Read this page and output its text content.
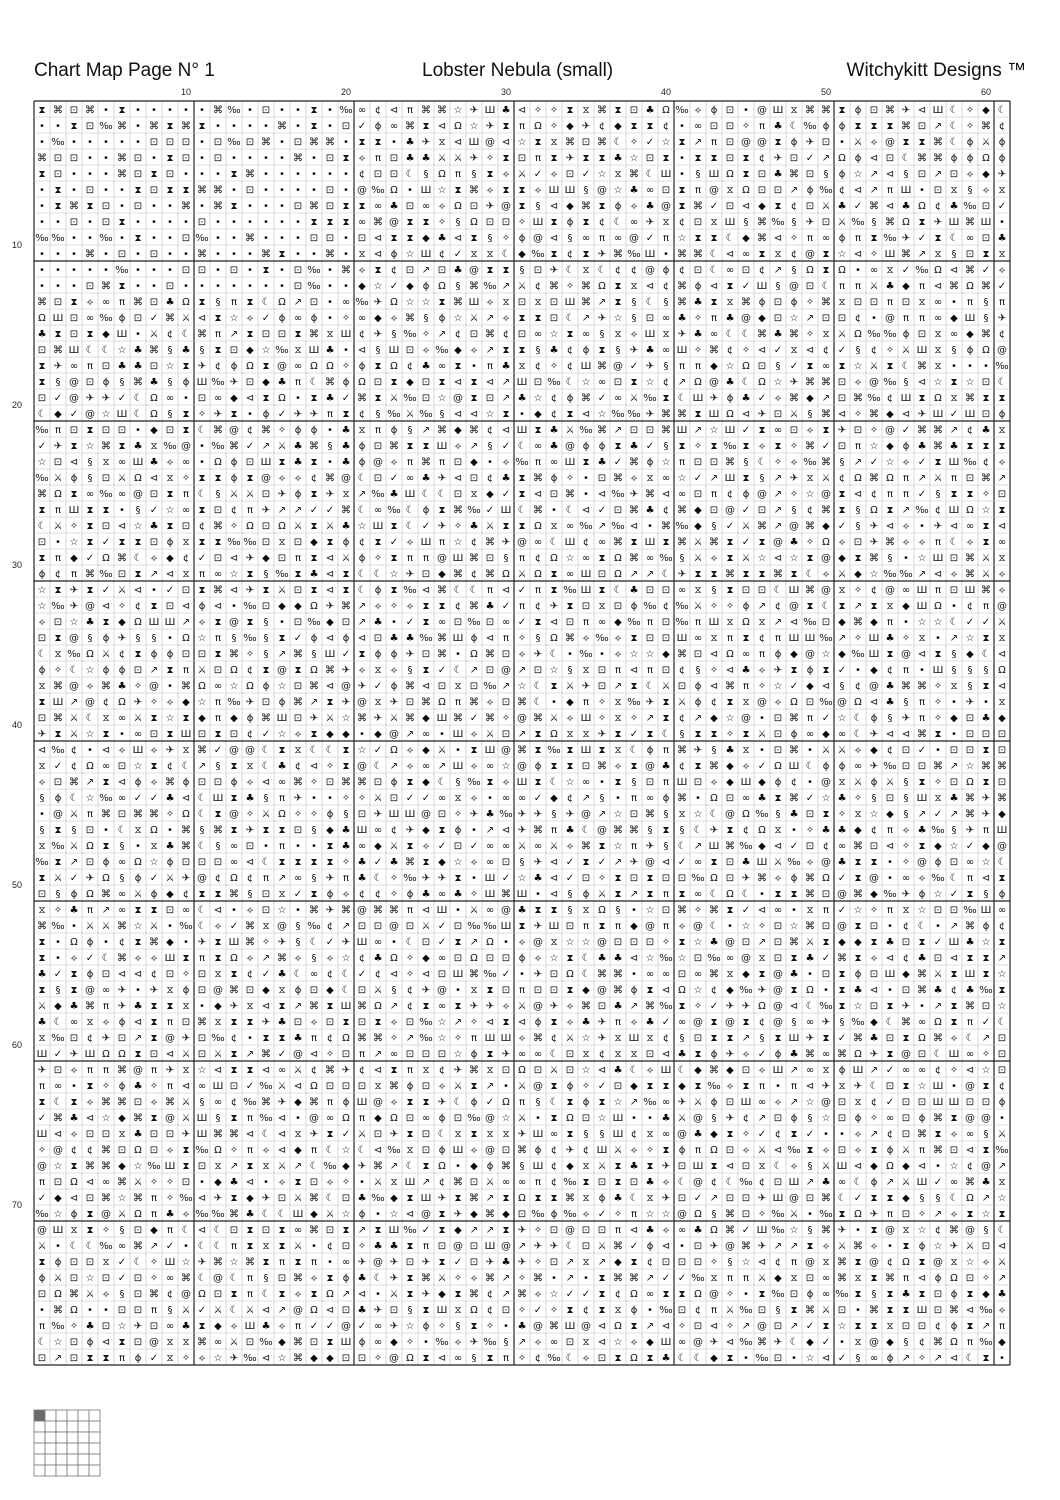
Chart Map Page N° 1	Lobster Nebula (small)	Witchykitt Designs ™
10	20	30	40	50	60
10
20
30
40
50
60
70
⧗ ⌘ ⊡ ⌘ • ⧗ • • • • • ⌘ ‰ • ⊡ • • ⧗ • ‰ ∞ ¢ ⊲ π ⌘ ⌘ ☆ ✈ Ш ♣ ⊲ ✧ ✧ ⧗ ⧖ ⌘ ⧗ ⊡ ♣ Ω ‰ ⟡ ϕ ⊡ • @ Ш ⧖ ⌘ ⌘ ⧗ ϕ ⊡ ⌘ ✈ ⊲ Ш ☾ ✧ ◆ ☾
• • ⧗ ⊡ ‰ ⌘ • ⌘ ⧗ ⌘ ⧗ • • • • ⌘ • ⧗ • ⊡ ✓ ϕ ∞ ⌘ ⧗ ⊲ Ω ☆ ✈ ⧗ π Ω ✧ ◆ ✈ ¢ ◆ ⧗ ⧗ ¢ • ∞ ⊡ ⊡ ✧ π ♣ ☾ ‰ ϕ ϕ ⧗ ⧗ ⧗ ⌘ ⊡ ↗ ☾ ✧ ⌘ ¢
• ‰ • • • • • ⊡ ⊡ ⊡ • ⊡ ‰ ⊡ ⌘ • ⊡ ⌘ ⌘ • ⧗ ⧗ • ♣ ✈ ⧖ ⊲ Ш @ ⊲ ☆ ⧗ ⧖ ⌘ ⊡ ⌘ ☾ ✧ ✓ ☆ ⧗ ↗ π ⊡ @ @ ⧗ ϕ ✈ ⊡ • ⚔ ⟡ @ ⧗ ⧗ ⌘ ☾ ϕ ⚔ ϕ
⌘ ⊡ ⊡ • • ⌘ ⊡ • ⧗ ⊡ • ⊡ • • • • ⌘ • ⊡ ⧗ ⟡ π ⊡ ♣ ♣ ⚔ ⚔ ✈ ✧ ⧗ ⊡ π ⧗ ✈ ⧗ ⧗ ♣ ☆ ⊡ ⧗ • ⧗ ⧗ ⊡ ⧗ ¢ ✈ ⊡ ✓ ↗ Ω ϕ ⊲ ⊡ ☾ ⌘ ⌘ ϕ ϕ Ω ϕ
⧗ ⊡ • • • ⌘ ⊡ ⧗ ⊡ • • • ⧗ ⌘ • • • • • • ¢ ⊡ ⊡ ☾ § Ω π § ⧗ ⟡ ⚔ ✓ ⟡ ⊡ ✓ ☆ ⧖ ⌘ ☾ Ш • § Ш Ω ⧗ ⊡ ♣ ⌘ ⊡ § ϕ ☆ ↗ ⊲ § ⊡ ↗ ⊡ ⟡ ◆ ✈
• ⧗ • ⊡ • • ⧗ ⊡ ⧗ ⧗ ⌘ ⌘ • ⊡ • • • • ⊡ • @ ‰ Ω • Ш ☆ ⧗ ⌘ ⟡ ⧗ ⧗ ⟡ Ш Ш § @ ☆ ♣ ∞ ⊡ ⧗ π @ ⧖ Ω ⊡ ⊡ ↗ ϕ ‰ ¢ ⊲ ↗ π Ш • ⊡ ⧖ § ⟡ ⧖
• ⧗ ⌘ ⧗ ⊡ • ⊡ • • ⌘ • ⌘ ⧗ • • • ⊡ ⌘ ⊡ ⧗ ⧗ ∞ ♣ ⊡ ∞ ⟡ Ω ⊡ ✈ @ ⧗ § ⊲ ◆ ⌘ ⧗ ϕ ⟡ ♣ @ ⧗ ⌘ ✓ ⊡ ⊲ ◆ ⧗ ¢ ⊡ ⚔ ♣ ✓ ⌘ ⊲ ♣ Ω ¢ ♣ ‰ ⊡ ✓
• • ⊡ • ⊡ ⧗ • • • • ⊡ • • • • • • ⧗ ⧗ ⧗ ∞ ⌘ @ ⧗ ⧗ ✧ § Ω ⊡ ⊡ ✧ Ш ⧗ ϕ ⧗ ¢ ☾ ∞ ✈ ⧖ ¢ ⊡ ⧖ Ш § ⌘ ‰ § ✈ ⊡ ⚔ ‰ § ⌘ Ω ⧗ ✈ Ш ⌘ Ш •
‰ ‰ • • ‰ • ⧗ • • ⊡ ‰ • • ⌘ • • • ⊡ ⊡ • ⊡ ⊲ ⧗ ⧗ ◆ ♣ ⊲ ⧗ § ✧ ϕ @ ⊲ § ∞ π ∞ @ ✓ π ☆ ⧗ ⧗ ☾ ◆ ⌘ ⊲ ✧ π ∞ ϕ π ⧗ ‰ ✈ ✓ ⧗ ☾ ∞ ⊡ ♣
• • • ⌘ • ⊡ • ⊡ • • ⌘ • • • ⌘ ⧗ • • ⌘ • ⧖ ⊲ ϕ ☆ Ш ¢ ✓ ⧖ ⧖ ☾ ◆ ‰ ⧗ ¢ ⧗ ✈ ⌘ ‰ Ш • ⌘ ⌘ ☾ ⊲ ∞ ⧗ ⧖ ¢ @ ⧗ ☆ ⊲ ✧ Ш ⌘ ↗ ⧖ § ⊡ ⧗ ⧖
• • • • • ‰ • • • ⊡ ⊡ • ⊡ • ⧗ • ⊡ ‰ • ⌘ ⟡ ⧗ ¢ ⊡ ↗ ⊡ ♣ @ ⧗ ⧗ § ⊡ ✈ ☾ ⧖ ☾ ¢ ¢ @ ϕ ¢ ⊡ ☾ ∞ ⊡ ¢ ↗ § Ω ⧗ Ω • ∞ ⧖ ✓ ‰ Ω ⊲ ⌘ ✓ ⟡
• • • ⊡ ⌘ ⧗ • • ⊡ • • • • • • • ⊡ ‰ • • ◆ ☆ ✓ ◆ ϕ Ω § ⌘ ‰ ↗ ⚔ ¢ ⌘ ✧ ⌘ Ω ⧗ ⧖ ⊲ ¢ ⌘ ϕ ⊲ ⧗ ✓ Ш § @ ⊡ ☾ π π ⚔ ♣ ◆ π ⊲ ⌘ Ω ⌘ ✓
⌘ ⊡ ⧗ ⟡ ∞ π ⌘ ⊡ ♣ Ω ⧗ § π ⧗ ☾ Ω ↗ ⊡ • ∞ ‰ ✈ Ω ☆ ☆ ⧗ ⌘ Ш ⟡ ⧖ ⊡ ⧖ ⊡ Ш ⌘ ↗ ⧗ § ☾ § ⌘ ♣ ⧗ ⧖ ⌘ ϕ ⊡ ϕ ✧ ⌘ ⧖ ⊡ ⊡ π ⊡ ⧖ ∞ • π § π
Ω Ш ⊡ ∞ ‰ ϕ ⊡ ✓ ⌘ ⚔ ⊲ ⧗ ☆ ⟡ ✓ ϕ ∞ ϕ • ✧ ∞ ◆ ⟡ ⌘ § ϕ ☆ ⚔ ↗ ⟡ ⧗ ⧗ ⊡ ☾ ↗ ✈ ☆ § ⊡ ∞ ♣ ✧ π ♣ @ ◆ ⊡ ☆ ↗ ⊡ ⊡ ¢ • @ π π ∞ ◆ Ш § ✈
♣ ⧗ ⊡ ⧗ ◆ Ш • ⚔ ¢ ☾ ⌘ π ↗ ⧗ ⊡ ⊡ ⧗ ⌘ ⧖ Ш ¢ ✈ § ‰ ✧ ↗ ¢ ⊡ ⌘ ¢ ⊡ ∞ ☆ ⧗ ∞ § ⧖ ⟡ Ш ⧖ ✈ ♣ ∞ ☾ ☾ ⌘ ♣ ⌘ ✧ ⧖ ⚔ Ω ‰ ‰ ϕ ⊡ ⧖ ∞ ◆ ⌘ ¢
⊡ ⌘ Ш ☾ ☾ ☆ ♣ ⌘ § ♣ § ⧗ ⊡ ◆ ☆ ‰ ⧖ Ш ♣ • ⊲ § Ш ⊡ ⟡ ‰ ◆ ⟡ ↗ ⧗ ⧗ § ♣ ¢ ϕ ⧗ § ✈ ♣ ∞ Ш ✧ ⌘ ¢ ✧ ⊲ ✓ ⧖ ⊲ ¢ ✓ § ¢ ✧ ⚔ Ш ⧖ § ϕ Ω @
⧗ ✈ ∞ π ⊡ ♣ ♣ ⊡ ☆ ⧗ ✈ ¢ ϕ Ω ⧗ @ ∞ Ω Ω ✧ ϕ ⧗ Ω ¢ ♣ ∞ ⧗ • π ♣ ⧖ ¢ ✧ ¢ Ш ⌘ @ ✓ ✈ § π π ◆ ☆ Ω ⊡ § ✓ ⧗ ∞ ⧗ ☆ ⚔ ⧗ ☾ ⌘ ⧖ • • • ‰
⧗ § @ ⊡ ϕ § ⌘ ♣ § ϕ Ш ‰ ✈ ⊡ ◆ ♣ π ☾ ⌘ ϕ Ω ⊡ ⧗ ◆ ⊡ ⧗ ⊲ ⧗ ⊲ ↗ Ш ⊡ ‰ ☾ ☆ ∞ ⊡ ⧗ ☆ ¢ ↗ Ω @ ♣ ☾ Ω ☆ ✈ ⌘ ⌘ ⊡ ⟡ @ ‰ § ⊲ ☆ ⧗ ☆ ⊡ ☾
⊡ ✓ @ ✈ ✈ ✓ ☾ Ω ∞ • ⊡ ∞ ◆ ⊲ ⧗ Ω • ⧗ ♣ ✓ ⌘ ⧗ ⚔ ‰ ⊡ ☆ @ ⧗ ⊡ ↗ ♣ ☆ ¢ ϕ ⌘ ✓ ∞ ⚔ ‰ ⧗ ☾ Ш ✈ ϕ ♣ ✓ ⟡ ⌘ ◆ ↗ ⊡ ⌘ ‰ ¢ Ш ⧗ Ω ⧖ ⌘ ⧗ ⧗
☾ ◆ ✓ @ ☆ Ш ☾ Ω § ⧗ ✧ ✈ ⧗ • ϕ ✓ ✈ ✈ π ⧗ ¢ § ‰ ⚔ ‰ § ⊲ ⊲ ☆ ⧗ • ◆ ¢ ⧗ ⊲ ☆ ‰ ‰ ✈ ⌘ ⌘ ⧗ Ш Ω ⊲ ✈ ⊡ ⚔ § ⌘ ⊲ ✧ ⌘ ◆ ⊲ ✈ Ш ✓ Ш ⊡ ϕ
‰ π ⊡ ⧗ ⊡ ⊡ • ◆ ⊡ ⧗ ☾ ⌘ @ ¢ ⌘ ✧ ϕ ϕ • ♣ ⧖ π ϕ § ↗ ⌘ ◆ ⌘ ¢ ⊲ Ш ⧗ ♣ ⚔ ‰ ⌘ ↗ ⊡ ⊡ ⌘ Ш ↗ ☆ Ш ✓ ⧗ ∞ ⊡ ⟡ ⧗ ✈ ⊡ ✧ @ ✓ ⌘ ⌘ ↗ ¢ ♣ ⧖
✓ ✈ ⧗ ☆ ⌘ ⧗ ♣ ⧖ ‰ @ • ‰ ⌘ ✓ ↗ ⚔ ♣ ⌘ § ♣ ϕ ⊡ ⌘ ⧗ ⧗ Ш ⟡ ↗ § ✓ ☾ ∞ ♣ @ ϕ ϕ ⧗ ♣ ✓ § ⧗ ✧ ⧗ ‰ ⧗ ⟡ ⧗ ✧ ⌘ ✓ ⊡ π ☆ ◆ ϕ ♣ ⌘ ♣ ⧗ ⧗ ⧗
☆ ⊡ ⊲ § ⧖ ∞ Ш ♣ ⟡ ∞ • Ω ϕ ⊡ Ш ⧗ ♣ ⧗ • ♣ ϕ @ ⟡ π ⌘ π ⊡ ◆ • ⟡ ‰ π ∞ Ш ⧗ ♣ ✓ ⌘ ϕ ☆ π ⊡ ⊡ ⌘ § ☾ ✧ ⟡ ‰ ⌘ § ↗ ✓ ☆ ⟡ ✓ ⧗ Ш ‰ ¢ ⟡
‰ ⚔ ϕ § ⊡ ⚔ Ω ⊲ ⧖ ✧ ⧗ ⧗ ϕ ⧗ @ ⟡ ⟡ ¢ ⌘ @ ☾ ⊡ ✓ ∞ ♣ ✈ ⊲ ⊡ ¢ ♣ ⧗ ⌘ ϕ ✧ • ⊡ ⌘ ⟡ ⧖ ∞ ☆ ✓ ↗ Ш ⧗ § ↗ ✈ ⧖ ⚔ ¢ Ω ⌘ Ω π ↗ ⚔ π ⊡ ⌘ ↗
⌘ Ω ⧗ ∞ ‰ ∞ @ ⊡ ⧗ π ☾ § ⚔ ⚔ ⊡ ✈ ϕ ⧗ ✈ ⧖ ↗ ‰ ♣ Ш ☾ ☾ ⊡ ⧖ ◆ ✓ ⧗ ⊲ ⊡ ⌘ • ⊲ ‰ ✈ ⌘ ⊲ ∞ ⊡ π ¢ ϕ @ ↗ ✧ ☆ @ ⧗ ⊲ ¢ π π ✓ § ⧗ ⧗ ✧ ⊡
⧗ π Ш ⧗ ⧗ • § ✓ ☆ ∞ ⧗ ⊡ ¢ π ✈ ↗ ↗ ✓ ✓ ⌘ ☾ ∞ ‰ ☾ ϕ ⧗ ⌘ ‰ ✓ Ш ☾ ⌘ • ☾ ⊲ ✓ ⊡ ⌘ ♣ ¢ ⌘ ◆ ⊡ @ ✓ ⊡ ↗ § ¢ ⌘ ⧗ § Ω ⧗ ↗ ‰ ¢ Ш Ω ☆ ⧗
☾ ⚔ ✧ ⧗ ⊡ ⊲ ☆ ♣ ⧗ ⊡ ¢ ⌘ ✧ Ω ⊡ Ω ⚔ ⧗ ⚔ ♣ ☆ Ш ⧗ ☾ ✓ ✈ ✧ ♣ ⚔ ⧗ ⧗ Ω ⧖ ∞ ‰ ↗ ‰ ⊲ • ⌘ ‰ ◆ § ✓ ⚔ ⌘ ↗ @ ⌘ ◆ ✓ § ✈ ⊲ ⟡ • ✈ ⊲ ∞ ⧗ ⊲
⊡ • ☆ ⧗ ✓ ⧗ ⧗ ⊡ ϕ ⧖ ⧗ ⧗ ‰ ‰ ⊡ ⧖ ⊡ ◆ ⧗ ϕ ¢ ⧗ ✓ ⟡ Ш π ☆ ¢ ⌘ ✈ @ ∞ ☾ Ш ¢ ∞ ⌘ ⧗ Ш ⧗ ⌘ ⚔ ⌘ ⧗ ✓ ⧗ @ ♣ ✧ Ω ⟡ ⊡ ✈ ⌘ ⟡ ⟡ π ☾ ⟡ ⧗ ∞
⧗ π ◆ ✓ Ω ⌘ ☾ ⟡ ◆ ¢ ✓ ⊡ ⊲ ✈ ◆ ⊡ π ⧗ ⊲ ⚔ ϕ ✧ ⧗ π π @ Ш ⌘ ⊡ § π ¢ Ω ☆ ∞ ⧗ Ω ⌘ ∞ ‰ § ⚔ ⟡ ⧗ ⚔ ☆ ⊲ ☆ ⧗ @ ◆ ⧗ ⌘ § • ☆ Ш ⊡ ⌘ ⚔ ⧖
ϕ ¢ π ⌘ ‰ ⊡ ⧗ ↗ ⊲ ⧖ π ∞ ☆ ⧗ § ‰ ⧗ ♣ ⊲ ⧗ ☾ ☾ ☆ ✈ ⊡ ◆ ⌘ ¢ ⌘ Ω ⚔ Ω ⧗ ∞ Ш ⊡ Ω ↗ ↗ ☾ ✈ ⧗ ⧗ ⌘ ⧗ ⧗ ⌘ ⧗ ☾ ⟡ ⚔ ◆ ☆ ‰ ‰ ↗ ⊲ ⟡ ⌘ ⚔ ⟡
☆ ⧗ ✈ ⧗ ✓ ⚔ ⊲ • ✓ ⊡ ⧗ ⌘ ⊲ ✈ ⧗ ⚔ ⊡ ⧗ ⊲ ⧗ ☾ ϕ ⧗ ‰ ⊲ ⌘ ☾ ☾ π ⊲ ✓ π ⧗ ‰ Ш ⧗ ☾ ♣ ⊡ ⊡ ∞ ⧖ § ⧗ ⊡ ⊡ ☾ Ш ⌘ @ ⧖ ✧ ¢ @ ∞ Ш π ⊡ Ш ⌘ ⟡
☆ ‰ ✈ @ ⊲ ✧ ¢ ⧗ ⊡ ⊲ ϕ ⊲ • ‰ ⊡ ◆ ◆ Ω ✈ ⌘ ↗ ⟡ ✧ ⟡ ⧗ ⧗ ¢ ⌘ ♣ ✓ π ¢ ✈ ⧗ ⊡ ⧖ ⊡ ϕ ‰ ¢ ‰ ⚔ ✧ ✧ ϕ ↗ ¢ @ ⧗ ☾ ⧗ ↗ ⧗ ⧖ ◆ Ш Ω • ¢ π @
⟡ ⊡ ☆ ♣ ⧗ ◆ Ω Ш Ш ↗ ⟡ ⧗ @ ⧗ § • ⊡ ‰ ◆ ⊡ ↗ ♣ • ✓ ⧗ ∞ ⊡ ‰ ⊡ ∞ ✓ ⧗ ⊲ ⊡ π ∞ ◆ ‰ π ⊡ ‰ π Ш ⧖ Ω ⧖ ↗ ⊲ ‰ ⊡ ◆ ⌘ ◆ π • ☆ ☆ ☾ ✓ ✓ ⚔
⊡ ⧗ @ § ϕ ✈ § § • Ω ☆ π § ‰ § ⧗ ✓ ϕ ⊲ ϕ ⊲ ⊡ ♣ ♣ ‰ ⌘ Ш ϕ ⊲ π ✧ § Ω ⌘ ⟡ ‰ ⟡ ⧗ ⊡ ⊡ Ш ∞ ⧖ π ⧗ ¢ π Ш Ш ‰ ↗ ✧ Ш ♣ ✧ ⧖ • ↗ ☆ ⧗ ⧖
☾ ⧖ ‰ Ω ⚔ ¢ ⧗ ϕ ϕ ⊡ ⊡ ⧗ ⌘ ✧ § ↗ ⌘ § Ш ✓ ⧗ ϕ ϕ ✈ ⊡ ⌘ • Ω ⌘ ⊡ ⟡ ✈ ☾ • ‰ • ⟡ ☆ ☆ ◆ ⌘ ⊡ ⊲ Ω ∞ π ϕ ◆ @ ☆ ◆ ‰ Ш ⧗ @ ⊲ ⧗ § ◆ ☾ ⊲
ϕ ✧ ☾ ☆ ϕ ϕ ⊡ ↗ ⧗ π ⚔ ⊡ Ω ¢ ⧗ @ ⧗ Ω ⌘ ✈ ⟡ ⧖ ⟡ § ⧗ ✓ ☾ ↗ ⊡ @ ↗ ⊡ ☆ § ⧖ ⊡ π ⊲ π ⊡ ¢ § ✧ ⊲ ♣ ⟡ ✈ ⧗ ϕ ⧗ ✓ • ◆ ¢ π • Ш § § § Ω
⧖ ⌘ @ ⟡ ⌘ ♣ ✧ @ • ⌘ Ω ∞ ☆ Ω ϕ ☆ ⊡ ⌘ ⊲ @ ✈ ✓ ϕ ⌘ ⊲ ⊡ ⧖ ⊡ ‰ ↗ ☆ ☾ ⧗ ⚔ ✈ ⊡ ↗ ⧗ ☾ ⚔ ⊡ ϕ ⊲ ⌘ π ✧ ☆ ✓ ◆ ⊲ § ¢ @ ♣ ⌘ ⌘ ✧ ⧖ § ⧗ ⊲
⧗ Ш ↗ @ ¢ Ω ✈ ✧ ⟡ ◆ ☆ π ‰ ✈ ⊡ ϕ ⌘ ↗ ⧗ ✈ @ ⧖ ✈ ⊡ ⌘ Ω π ⌘ ⟡ ⊡ ⌘ ☾ • ◆ π ✧ ⧖ ‰ ✈ ⧗ ⚔ ϕ ¢ ⧗ ⧖ @ ⟡ Ω ⊡ ‰ @ Ω ⊲ ♣ § π ✧ • ✈ • ⧖
⊡ ⌘ ⚔ ☾ ⧖ ∞ ⚔ ⧗ ☆ ⧗ ◆ π ◆ ϕ ⌘ Ш ⊡ ✈ ⚔ ☆ ⌘ ✈ ⚔ ⌘ ◆ Ш ⌘ ✓ ⌘ ✧ @ ⌘ ⚔ ⟡ Ш ✧ ⧖ ✧ ↗ ⧗ ¢ ↗ ◆ ☆ @ • ⊡ ⌘ π ✓ ☆ ☾ ϕ § ✈ π ✧ ◆ ⊡ ♣ ◆
✈ ⧗ ⚔ ☆ ⧗ • ∞ ⊡ ⧗ Ш ⊡ ⧗ ⊡ ¢ ✓ ☆ ⟡ ⧗ ◆ ◆ • ◆ @ ↗ ∞ • Ш ⟡ ⚔ ⊡ ↗ ⧗ Ω ⧖ ⧖ ✈ ⧗ ✓ ⧗ ☾ § ⧗ ⧗ ✧ ⧗ ⚔ ⊡ ϕ ∞ ◆ ∞ ☾ ✈ ⊲ ⊲ ⌘ ⧗ • ⊡ ⊡ ⊡
⊲ ‰ ¢ • ⊲ ⟡ Ш ⟡ ✈ ⧖ ⌘ ✓ @ @ ☾ ⧗ ⧖ ☾ ☾ ⧗ ☆ ✓ Ω ⟡ ◆ ⚔ • ⧗ Ш @ ⌘ ⧗ ‰ ⧗ Ш ⧗ ⧖ ☾ ϕ π ⌘ ✈ § ♣ ⧖ • ⊡ ⌘ • ⚔ ⚔ ⟡ ◆ ¢ ⊡ ✓ • ⊡ ⊡ ⧗ ⊡
⧖ ✓ ¢ Ω ∞ ⊡ ☆ ⧗ ¢ ☾ ↗ § ⧗ ⧖ ☾ ♣ ¢ ⊲ ✧ ⧗ @ ☾ ↗ ⟡ ∞ ↗ Ш ⟡ ∞ ☆ @ ϕ ⧗ ⧗ ⊡ ⌘ ⟡ ⧗ @ ♣ ¢ ⧗ ⌘ ◆ ⟡ ✓ Ω Ш ☾ ϕ ϕ ∞ ✈ ‰ ⊡ ⊡ ⌘ ↗ ☆ ⌘ ⌘
⟡ ⊡ ⌘ ↗ ⧗ ⊲ ϕ ⟡ ⌘ ϕ ⊡ ⊡ ϕ ⟡ ⊲ ∞ ⌘ ✧ ⊡ ⌘ ⌘ ⊡ ϕ ⧗ ◆ ☾ § ‰ ⧗ ⟡ Ш ⧗ ☾ ☆ ∞ • ⧗ § ⊡ π Ш ⊡ ⟡ ◆ Ш ◆ ϕ ¢ • @ ⧖ ⚔ ϕ ⚔ § ⧗ ✧ ⊡ Ω ⧗ ⊡
§ ϕ ☾ ☆ ‰ ∞ ✓ ✓ ♣ ⊲ ☾ Ш ⧗ ♣ § π ✈ • • ✧ ✧ ⚔ ⊡ ✓ ✓ ∞ ⧖ ⟡ • ∞ ∞ ✓ ◆ ¢ ↗ § • π ∞ ϕ ⌘ • Ω ⊡ ∞ ♣ ⧗ ⌘ ✓ ☆ ♣ ✧ § ⊡ § Ш ⧖ ♣ ⌘ ✈ ⌘
• @ ⚔ π ⌘ ⊡ ⌘ ⌘ ✧ Ω ☾ ⧗ @ ✧ ⚔ Ω ✧ ✧ ϕ § ⊡ ✈ Ш Ш @ ⊡ ✧ ✈ ♣ ‰ ✈ ✈ § ✈ @ ↗ ☆ ⊡ ⌘ § ⧖ ☆ ☾ @ Ω ‰ § ♣ ⊡ ⧗ ✧ ⧖ ☆ ◆ § ↗ ✓ ↗ ⌘ ✈ ◆
§ ⧗ § ⊡ • ☾ ⧖ Ω • ⌘ § ⌘ ⧗ ✈ ⧗ ⧗ ⊡ § ◆ ♣ Ш ∞ ¢ ✈ ◆ ⧗ ϕ • ↗ ⊲ ✈ ⌘ π ♣ ☾ @ ⌘ ⌘ § ⧗ § ☾ ✈ ⧗ ¢ Ω ⧖ • ✧ ♣ ♣ ◆ ¢ π ⟡ ♣ ‰ § ✈ π Ш
⧖ ‰ ⚔ Ω ⧗ § • ⧖ ♣ ⌘ ☾ § ∞ ⊡ • π • • ⧗ ♣ ∞ ◆ ⚔ ⧗ ⟡ ✓ ⊡ ✓ ∞ ∞ ⚔ ∞ ⚔ ⟡ ⌘ ⧗ ☆ π ✈ § ☾ ↗ Ш ⌘ ‰ ◆ ⊲ ✓ ⊡ ¢ ∞ ⌘ ⊡ ⊲ ✧ ⧗ ◆ ☆ ✓ ◆ @
‰ ⧗ ↗ ⊡ ϕ ∞ Ω ☆ ϕ ⊡ ⊡ ⊡ ∞ ⊲ ☾ ⧗ ⧗ ⧗ ⧗ ✧ ♣ ✓ ♣ ⌘ ⧗ ◆ ☆ ⟡ ∞ ⊡ § ✈ ⊲ ✓ ⧗ ✓ ↗ ✈ @ ⊲ ✓ ∞ ⧗ ⊡ ♣ Ш ⚔ ‰ ⟡ @ ♣ ⧗ ⧗ • ✧ @ ϕ ⊡ ∞ ☆ ☾
⧗ ⚔ ✓ ✈ Ω § ϕ ✓ ⚔ ✈ @ ¢ Ω ¢ π ↗ ∞ § ✈ π ♣ ☾ ✧ ‰ ✈ ✈ ⧗ • Ш ✓ ☆ ♣ ⊲ ✓ ⊡ ✧ ⧗ ⊡ ⧗ ⊡ ⊡ ‰ Ω ⊡ ✈ ⌘ ⟡ ϕ ⌘ Ω ✓ ⧗ @ • ∞ ⟡ ‰ ☾ π ⊲ ⧗
⊡ § ϕ Ω ⌘ ∞ ⚔ ϕ ◆ ¢ ⧗ ⧗ ⌘ § ⊡ ⧖ ✓ ⧗ ϕ ⟡ ¢ ¢ ✧ ϕ ♣ ∞ ♣ ✧ Ш ⌘ Ш • ⊲ § ϕ ⚔ ⧗ ↗ ⧗ π ⧗ ∞ ☾ Ω ☾ • ⧗ ⧗ ⌘ ⊡ @ ⌘ ◆ ‰ ✈ ϕ ☆ ✓ ⧗ § ϕ
⧖ ✧ ♣ π ↗ ∞ ⧗ ⧗ ⊡ ∞ ☾ ⊲ • ⟡ ⊡ ☆ • ⌘ ✈ ⌘ @ ⌘ ⌘ π ⊲ Ш • ⚔ ∞ @ ♣ ⧗ ⧗ § ⧖ Ω § • ☆ ⊡ ⌘ ✧ ⌘ ⧗ ✓ ⊲ ∞ • ⧖ π ✓ ☆ ✧ π ⧖ ☆ ⊡ ⊡ ‰ Ш ∞
⌘ ‰ • ⚔ ⚔ ⌘ ☆ ⚔ • ‰ ☾ ⟡ ✓ ⌘ ⧖ @ § ‰ ¢ ↗ ⊡ ⊡ @ ⊡ ⚔ ✓ ⊡ ‰ ‰ Ш ⧗ ✈ Ш ⊡ π ⧗ π ◆ @ π ⟡ @ ☾ • ☆ ✧ ⊡ ☆ ⌘ ⊡ @ ⧗ ⊡ • ¢ ☾ • ↗ ⌘ ϕ ¢
⧗ • Ω ϕ • ¢ ⧗ ⌘ ◆ • ✈ ⧗ Ш ⌘ ✧ ✈ § ☾ ✓ ✈ Ш ∞ • ☾ ⊡ ✓ ⧗ ↗ Ω • ⟡ @ ⧖ ☆ ☆ @ ⊡ ⊡ ⊡ ✧ ⧗ ☆ ♣ @ ⊡ ↗ ⊡ ⌘ ⚔ ⧗ ◆ ◆ ⧗ ♣ ⊡ ⧗ ✓ Ш ♣ ☆ ⧗
⧗ • ⟡ ✓ ☾ ⌘ ⟡ ⟡ Ш ⧗ π ⧗ Ω ⟡ ↗ ⌘ ⟡ § ⟡ ☆ ¢ ♣ Ω ✧ ◆ ∞ ⊡ Ω ⊡ ⊡ ϕ ⟡ ☆ ⧗ ☾ ♣ ♣ ⊲ ☆ ‰ ☆ ⊡ ‰ ∞ @ ⧖ ⊡ ⧗ ♣ ✓ ⌘ ⧗ ⟡ ⊲ ¢ ♣ ⊡ ⊲ ⧗ ⧗ ↗
♣ ✓ ⧗ ϕ ⊡ ⊲ ⊲ ¢ ⊡ ✧ ⊡ ⧖ ⧗ ¢ ✓ ♣ ☾ ∞ ¢ ☾ ✓ ¢ ⊲ ✧ ⊲ ⊡ Ш ⌘ ‰ ✓ • ✈ ⊡ Ω ☾ ⌘ ⌘ • ∞ ∞ ⊡ ∞ ⌘ ⧖ ◆ ⧗ @ ♣ • ⊡ ⧗ ϕ ⊡ Ш ◆ ⌘ ⚔ ⧗ Ш ⧗ ☆
⧗ § ⧗ @ ∞ ✈ • ✈ ⧖ ϕ ⊡ @ ⌘ ⊡ ◆ ⧖ ϕ ⊡ ◆ ☾ ⊡ ⚔ § ¢ ✈ @ • ⧖ ⧗ ⊡ π ⊡ ⊡ ⧗ ◆ @ ⌘ ϕ ⧗ ⊲ Ω ☆ ¢ ◆ ‰ ✈ @ ⧗ Ω • ⧗ ♣ ⊲ • ⊡ ⌘ ♣ ¢ ♣ ‰ ⧗
⚔ ◆ ♣ ⌘ π ✈ ♣ ⧗ ⧗ ⧖ • ◆ ✈ ⧖ ⊲ ⧗ ↗ ⌘ ⧗ Ш ⌘ Ω ↗ ¢ ⧗ ∞ ⧗ ✈ ✈ ⟡ ⚔ @ ✈ ⟡ ⌘ ⊡ ♣ ↗ ⌘ ‰ ⧗ ✧ ✓ ✈ ✈ Ω @ ⊲ ☾ ‰ ⧗ ☆ ⊡ ⧗ ✈ • ↗ ⧗ ⌘ ⊡ ☆
♣ ☾ ∞ ⧖ ⟡ ϕ ⊲ ⧗ π ⊡ ⌘ ⧖ ⧗ ⧗ ✈ ♣ ⊡ ⟡ ⊡ ⧗ ⊡ ⧗ ⟡ ⊡ ‰ ☆ ↗ ✧ ⊲ ⧗ ⊲ ϕ ⧗ ⟡ ♣ ✈ π ⟡ ♣ ✓ ∞ @ ⧗ @ ⧗ ¢ @ § ∞ ✈ § ‰ ◆ ☾ ⌘ ∞ Ω ⧗ π ✓ ☾
⧖ ‰ ⊡ ¢ ✈ ⊡ ↗ ⧗ @ ✈ ⊡ ‰ ¢ • ⧗ ⧗ ♣ π ¢ Ω ⌘ ⌘ ✧ ↗ ‰ ☆ ✧ π Ш Ш ⟡ ⌘ ¢ ⚔ ☆ ✈ ⧖ Ш ⧖ ¢ § ⊡ ⧗ ⧗ ↗ § ⧗ Ш ✈ ⧗ ✓ ⌘ ♣ ⊡ ⧗ Ω ⌘ ⟡ ☾ ↗ ⊡
Ш ✓ ✈ Ш Ω Ω ⧗ ⊡ ⊲ ⚔ ⊡ ⚔ ⧗ ↗ ⌘ ✓ @ ⊲ ✧ ⊡ π ↗ ∞ ⊡ ⊡ ⊡ ☆ ϕ ⧗ ✈ ∞ ∞ ☾ ⊡ ⧖ ¢ ⧖ ⧖ ⊡ ⊲ ♣ ⧗ ϕ ✈ ⟡ ✓ ϕ ♣ ⌘ ∞ ⌘ Ω ✈ ⧗ @ ⊡ ☾ Ш ∞ ✧ ⊡
✈ ⊡ ⟡ π π ⌘ @ π ✈ ⧖ ☆ ⊲ ⧗ ⧗ ⊲ ∞ ⚔ ¢ ⌘ ✈ ¢ ⊲ ⧗ π ⧖ ¢ ✈ ⌘ ⧖ ⊡ Ω ⊡ ⚔ ⊡ ☆ ⊲ ♣ ☾ ⟡ Ш ☾ ◆ ⌘ ◆ ⊡ ⟡ Ш ↗ ∞ ⧖ ϕ Ш ↗ ✓ ∞ ∞ ¢ ✧ ⊲ ☆ ⊡
π ∞ • ⧗ ✧ ϕ ♣ ✧ π ⊲ ∞ Ш ⊡ ✓ ‰ ⚔ ⊲ Ω ⊡ ⊡ ⊡ ⧖ ⌘ ϕ ⊡ ⟡ ⚔ ⧗ ↗ • ⚔ @ ⧗ ϕ ✧ ✓ ⊡ ◆ ⧗ ⧗ ◆ ⧗ ‰ ⟡ ⧗ π • π ⊲ ✈ ⧖ ✈ ☾ ⊡ ⧗ ☆ Ш • @ ⧗ ¢
⧗ ☾ ⧗ ⟡ ⌘ ⌘ ⊡ ⟡ ⌘ ⚔ § ∞ ¢ ‰ ⌘ ✈ ◆ ⌘ π ϕ Ш @ ⟡ ⧗ ⧗ ✈ ☾ ϕ ✓ Ω π § ☾ ⧗ ϕ ⧗ ☆ ↗ ‰ ∞ ✈ ⚔ ϕ ⊡ Ш ∞ ⟡ ↗ ☆ @ ⊡ ⧖ ¢ ✓ ⊡ ⊡ Ш Ш ⊡ ⊡ ϕ
✓ ⌘ ♣ ⊲ ☆ ◆ ⌘ ⧗ @ ⚔ Ш § ⧗ π ‰ ⊲ • @ ∞ Ω π ◆ Ω ⊡ ∞ ϕ ⊡ ‰ @ ☆ ⚔ • ⧗ Ω ⊡ ☆ Ш • • ♣ ⚔ @ § ✈ ¢ ↗ ⊡ ϕ § ☆ ⊡ ϕ ✧ ∞ ⊡ ϕ ⌘ ⧗ @ @ •
Ш ⊲ ⟡ ⊡ ⊡ ⧖ ♣ ⊡ ⊡ ✈ Ш ⌘ ⌘ ⊲ ☾ ⊲ ⧖ ✈ ⧗ ✓ ⚔ ⊡ ✈ ⧗ ⊡ ☾ ⧖ ⧗ ⧖ ⧖ ✈ Ш ∞ ⧗ § § Ш ¢ ⧖ ∞ @ ♣ ◆ ⧗ ✧ ✓ ¢ ⧗ ✓ • • ⟡ ↗ ¢ ⊡ ⌘ ⧗ ⟡ ∞ § ⚔
✧ @ ¢ ¢ ⌘ ⊡ Ω ⊡ ⟡ ⧗ ‰ Ω ✧ π ⟡ ⊲ ◆ π ☾ ☆ ☾ ⊲ ‰ ⧖ ⊡ ϕ Ш ⟡ @ ⊡ ⌘ ϕ ¢ ✈ ¢ Ш ⚔ ⟡ ✧ ⧗ ϕ π Ω ⊡ ⟡ ⚔ ⊲ ‰ ⧗ ⟡ ⊡ ⟡ ⧗ ϕ ⚔ π ⌘ ⊡ ⊲ ⧗ ‰
@ ☆ ⧗ ⌘ ⌘ ◆ ☆ ‰ Ш ⧗ ⊡ ⧖ ↗ ⧗ ⧖ ⚔ ↗ ☾ ‰ ◆ ✈ ⌘ ↗ ☾ ⧗ Ω • ◆ ϕ ⌘ § Ш ¢ ◆ ⧖ ⚔ ⧗ ♣ ⧗ ✈ ⊡ Ш ⧗ ⊲ ⊡ ⧖ ☾ ⟡ § ⚔ Ш ⊲ ◆ Ω ◆ ⊲ • ☆ ¢ @ ↗
π ⊡ Ω ⊲ ∞ ⌘ ⚔ ✧ ✧ ⊡ • ◆ ♣ ⊲ • ⟡ ⧗ ⊡ ⟡ ✧ • ⚔ ⧖ Ш ↗ ¢ ⌘ ⊡ ⚔ ∞ ∞ π ¢ ‰ ⧗ ⊡ ⧗ ⊡ ♣ ⟡ ☾ @ ¢ ☾ ‰ ¢ ⊡ Ш ↗ ♣ ∞ ☾ ϕ ↗ ⚔ Ш ✓ ∞ ⌘ ♣ ⧖
✓ ◆ ⊲ ⊡ ⌘ ☆ ⌘ π ✧ ‰ ⊲ ✈ ⧗ ◆ ✈ ⊡ ⚔ ⌘ ☾ ⊡ ♣ ‰ ◆ ⧗ Ш ✈ ⧗ ⌘ ↗ ⧗ Ω ⧗ ⧗ ⌘ ⧖ ϕ ♣ ☾ ⧖ ✈ ⊡ ✓ ↗ ⊡ ⊡ ✈ Ш @ ⊡ ⌘ ☾ ✓ ⧗ ⧗ ◆ § § ☾ Ω ↗ ☆
‰ ☆ ϕ ⧗ @ ⚔ Ω π ♣ ⟡ ‰ ‰ ⌘ ♣ ☾ ☾ Ш ◆ ⚔ ☆ ϕ • ☆ ⊲ @ ⧗ ✈ ◆ ⌘ ◆ ⊡ ‰ ϕ ‰ ⟡ ✓ ✧ π ☆ ☆ @ Ω § ⌘ ⊡ ✧ ‰ ⚔ • ‰ ⧗ Ω ✈ π ⊡ ✧ ↗ ⟡ ⧗ ☆ ⧗
@ Ш ⧖ ⧗ ✧ § ⊡ ◆ π ☾ ⊲ ☾ ⊡ ⧗ ⊡ ⧗ ∞ ⌘ ⊡ ⧗ ↗ ⧗ Ш ‰ ✓ ⧗ ◆ ↗ ↗ ⧗ ✈ ✧ ⊡ @ ⊡ ⊡ π ⊲ ♣ ⟡ ∞ ♣ Ω ⌘ ✓ Ш ‰ ☆ § ⌘ ✈ • ⧗ @ ⧖ ☆ ¢ ⌘ @ § ☾
⚔ • ☾ ☾ ‰ ∞ ⌘ ↗ ✓ • ☾ ☾ π ⧗ ⧖ ⧗ ⚔ • ¢ ⊡ ✧ ♣ ♣ ⧗ π ⊡ @ ⊡ Ш @ ↗ ✈ ✈ ☾ ⊡ ⚔ ⌘ ✓ ϕ ⊲ • ⊡ ✈ @ ⌘ ✈ ↗ ↗ ⧗ ⟡ ⚔ ⌘ ⟡ • ⧗ ϕ ☆ ✈ ⚔ ⊡ ⊲
⧗ ϕ ⊡ ⊡ ⧖ ✓ ☾ ✧ Ш ☆ ✈ ⌘ ☆ ⌘ ⧗ π ⧗ π • ∞ ✈ @ ✈ ⊡ ✈ ⧗ ✓ ⊡ ✈ ♣ ✈ ✧ ⊡ ↗ ⧖ ↗ ◆ ⧗ ¢ ⊡ ⊡ ⊡ ✧ § ☆ ⊲ ¢ π @ ⧖ ⌘ ⧗ @ ¢ Ω ⧗ @ ⧖ ☆ ⟡ ⚔
ϕ ⚔ ⊡ ☆ ⊡ ✓ ⊡ ✧ ∞ ⌘ ☾ @ ☾ π § ⊡ ⌘ ⟡ ⧗ ϕ ♣ ☾ ✈ ⧗ ⌘ ⚔ ✧ ⟡ ⌘ ↗ ✧ ⌘ • ↗ • ⧗ ⌘ ⌘ ↗ ✓ ✓ ‰ ⧖ π π ⚔ ◆ ⧖ ⊡ ∞ ⌘ ⧖ ⧗ ⌘ π ⊲ ϕ Ω ⊡ ✧ ↗
⊡ Ω ⌘ ⚔ ⟡ § ⊡ ⌘ ¢ @ Ω ⊡ ⧗ π ☾ ⧗ ⟡ ⧗ Ω ↗ ⊲ • ⚔ ⧗ ✈ ◆ ⧗ ⌘ ¢ ↗ ⌘ ⟡ ☆ ✓ ✓ ⧗ ¢ Ω ∞ ⧗ ⧗ Ω @ ✧ • ⧗ ‰ ⊡ ϕ ∞ ‰ ⧗ § ⧗ ♣ ⧗ ⊡ ϕ ⧗ ◆ ♣
• ⌘ Ω • • ⊡ ⊡ π § ⚔ ✓ ⚔ ☾ ⚔ ⊲ ↗ @ Ω ⊲ ⊡ ♣ ✈ ⊡ § ⧗ Ш ⧖ Ω ¢ ⊡ ✧ ✓ ✧ ⧗ ¢ ⧗ ⧖ ϕ • ‰ ⊡ ¢ π ⚔ ‰ ⊡ § ⧗ ⌘ ⚔ ⊡ • ⌘ ⧗ ⧗ Ш ⊡ ⌘ ⊲ ‰ ⟡
π ‰ ✧ ♣ ⊡ ☆ ✈ ⊡ ∞ ♣ ⧗ ◆ ⟡ Ш ♣ ⟡ π ✓ ✓ @ ✓ ∞ ✈ ☆ ϕ ✧ § ⧗ ✧ • ♣ @ ⌘ Ш @ ⊲ Ω ⧗ ↗ ⊲ ✧ ⊡ ⊲ ✧ ↗ @ ⊡ ↗ ✓ ⧗ ☆ ⧗ ⧗ ⧖ ⊡ ⊡ ¢ ϕ ⧗ ↗ π
☾ ☆ ⊡ ϕ ⊲ ⧗ ⊡ @ ⧖ ⧖ ⌘ ∞ ⚔ ⊡ ‰ ◆ ⌘ ⊡ ⧗ Ш ϕ ∞ ◆ ✧ • ‰ ⟡ ✈ ‰ § ↗ ⟡ ∞ ⊡ ⧖ ⊲ ☆ ⟡ ◆ Ш ∞ @ ✈ ⊲ ‰ ⌘ ✈ ☾ ◆ ✓ • ⧖ @ ◆ § ¢ ⌘ Ω π ‰ ◆
⊡ ↗ ⊡ ⧗ ⧗ π ϕ ✓ ⧖ ✧ ⟡ ☆ ✈ ‰ ⊲ ☆ ⌘ ◆ ◆ ⊡ ⊡ ✧ @ Ω ⧗ ⊲ ∞ § ⧗ π ✧ ¢ ‰ ☾ ⟡ ⊡ ⧗ Ω ⧗ ♣ ☾ ☾ ◆ ⧗ • ‰ ⊡ • ☆ ⊲ ✓ § ∞ ϕ ↗ ✧ ↗ ⊲ ☾ ⧗ •
